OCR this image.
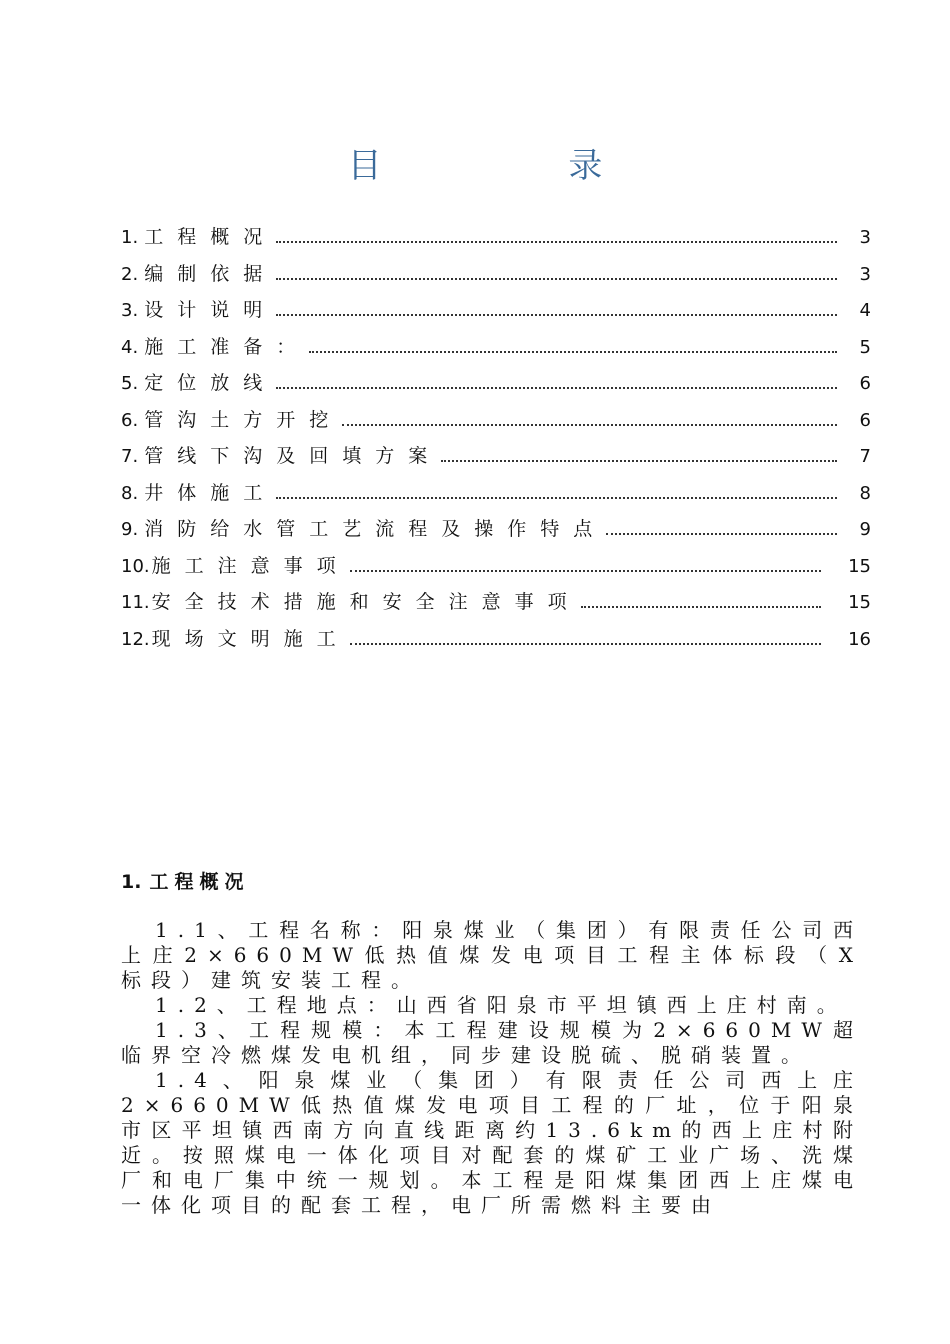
目 录
1. 工程概况	3
2. 编制依据	3
3. 设计说明	4
4. 施工准备：	5
5. 定位放线	6
6. 管沟土方开挖	6
7. 管线下沟及回填方案	7
8. 井体施工	8
9. 消防给水管工艺流程及操作特点	9
10. 施工注意事项	15
11. 安全技术措施和安全注意事项	15
12. 现场文明施工	16
1. 工程概况

1.1、工程名称：阳泉煤业（集团）有限责任公司西上庄2×660MW低热值煤发电项目工程主体标段（X标段）建筑安装工程。

1.2、工程地点：山西省阳泉市平坦镇西上庄村南。

1.3、工程规模：本工程建设规模为2×660MW超临界空冷燃煤发电机组，同步建设脱硫、脱硝装置。

1.4、阳泉煤业（集团）有限责任公司西上庄2×660MW低热值煤发电项目工程的厂址，位于阳泉市区平坦镇西南方向直线距离约13.6km的西上庄村附近。按照煤电一体化项目对配套的煤矿工业广场、洗煤厂和电厂集中统一规划。本工程是阳煤集团西上庄煤电一体化项目的配套工程，电厂所需燃料主要由
